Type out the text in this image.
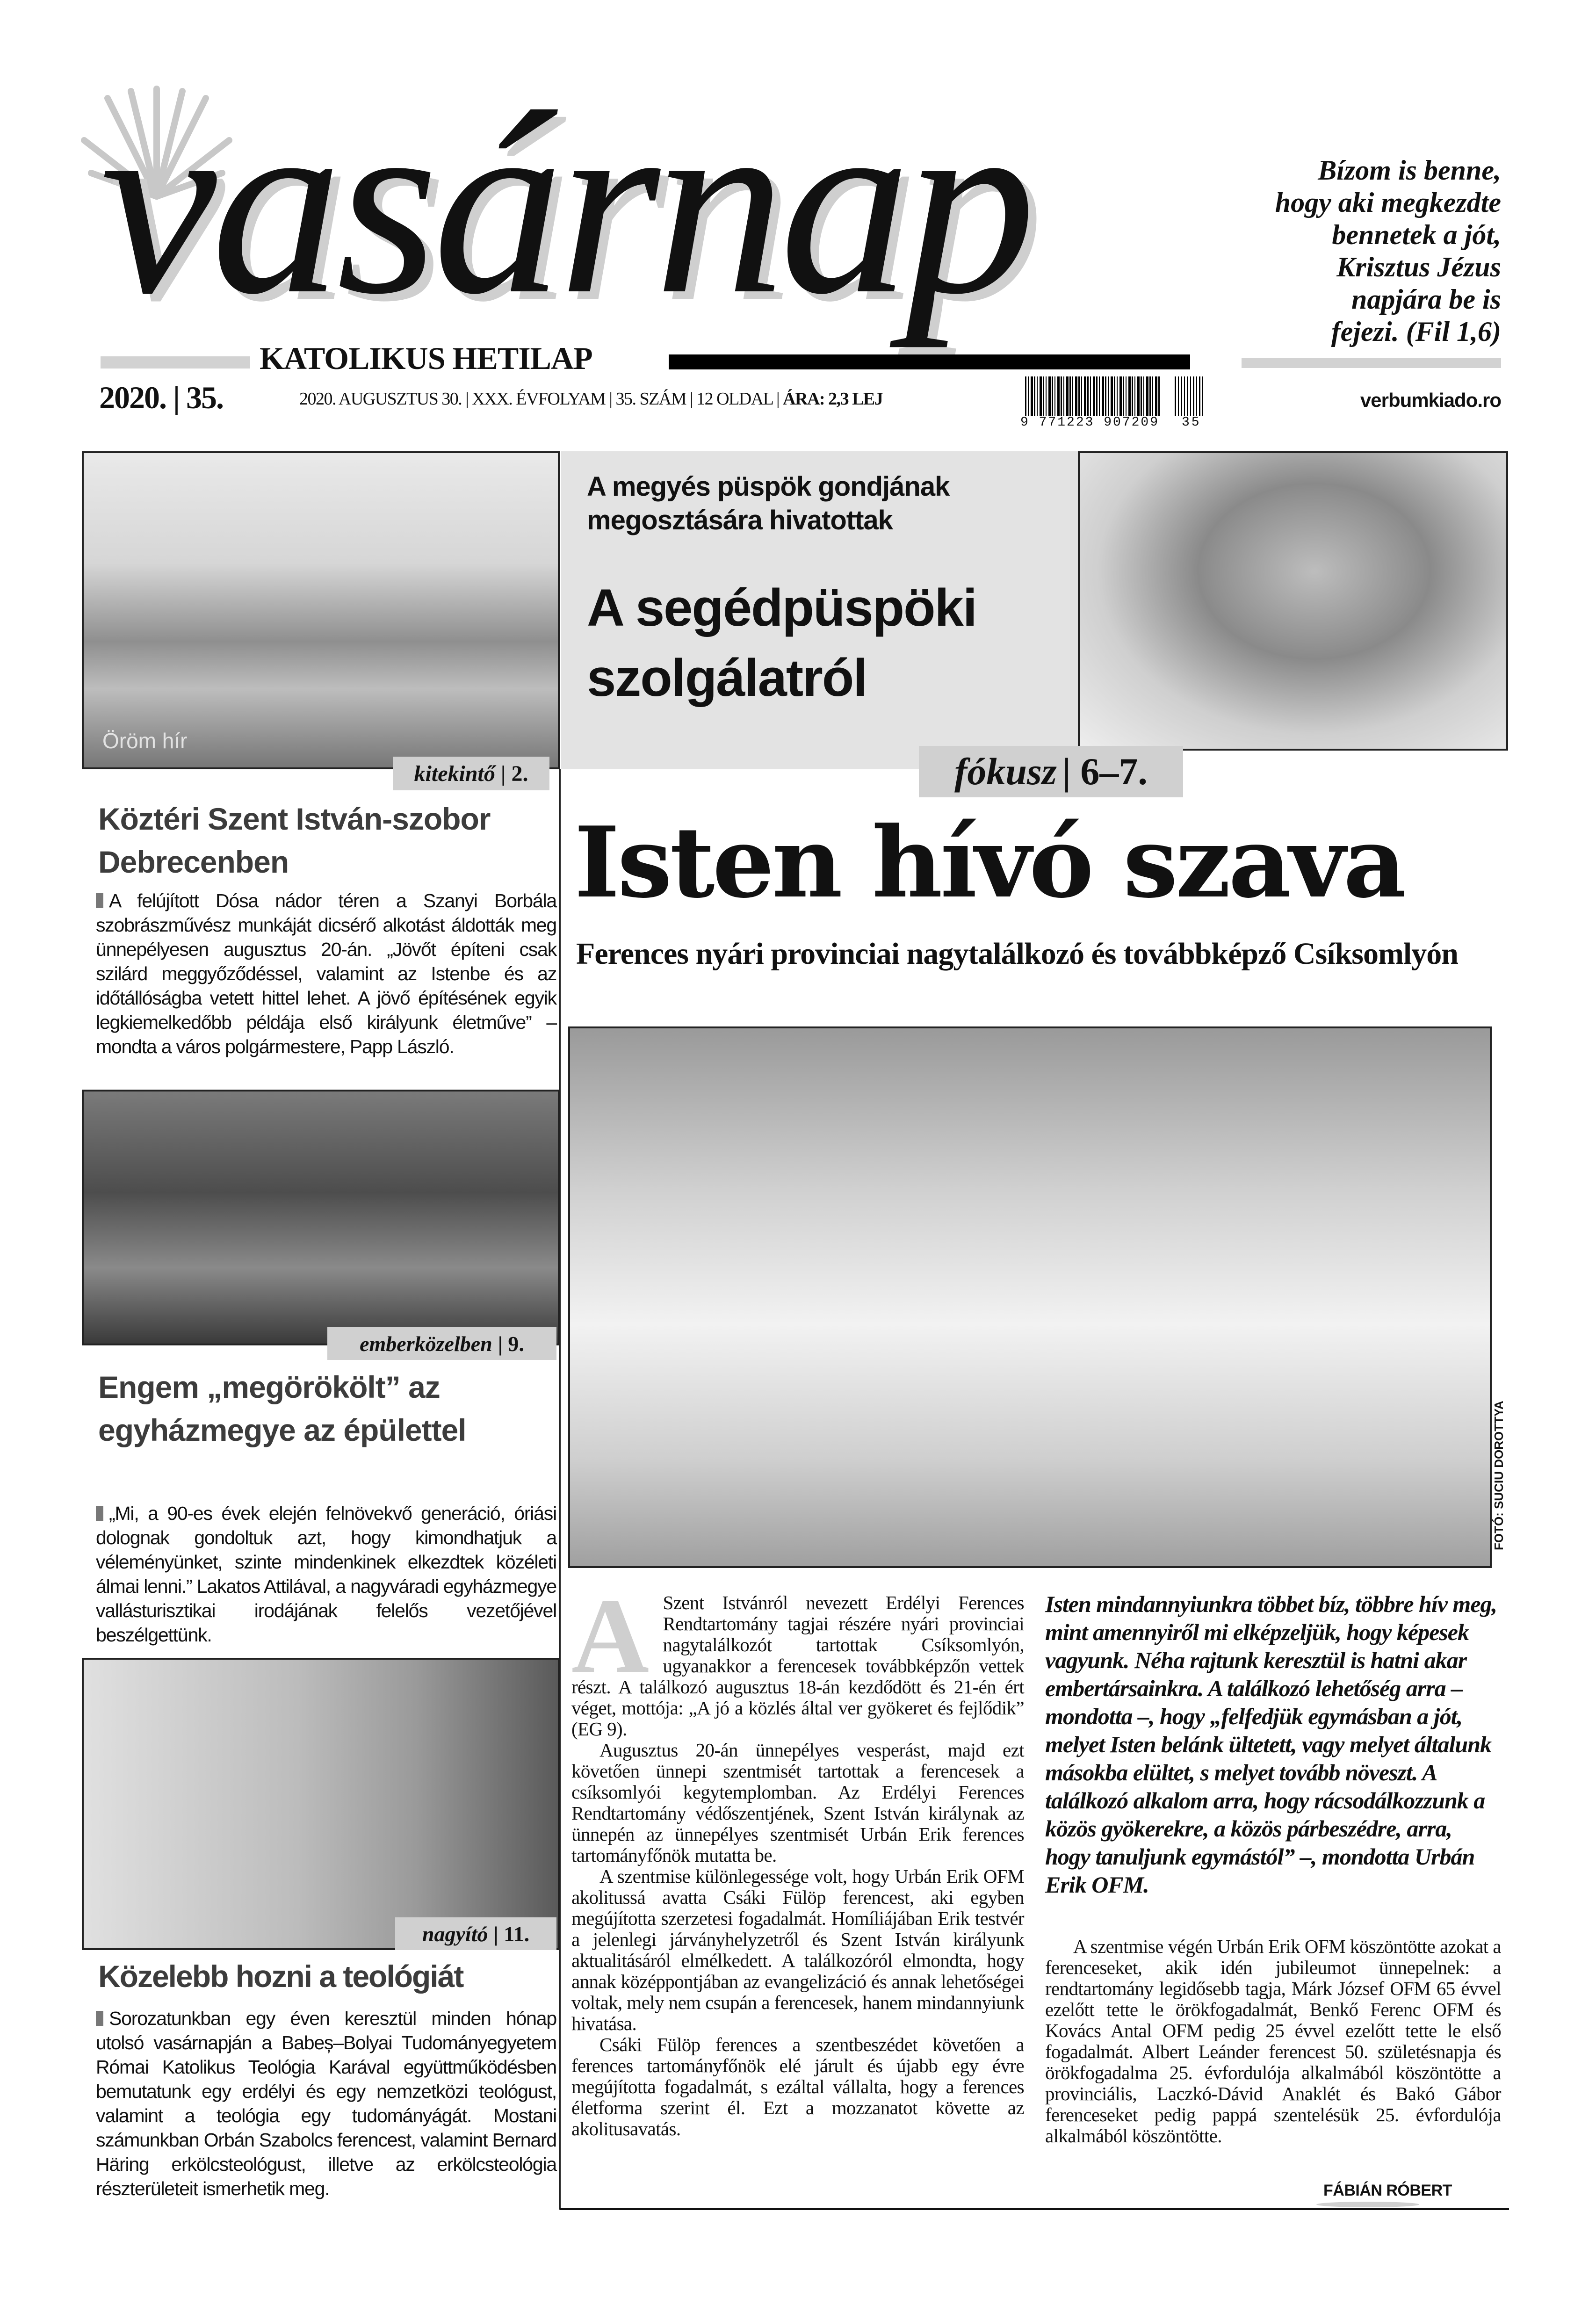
vasárnap
KATOLIKUS HETILAP
Bízom is benne,
hogy aki megkezdte
bennetek a jót,
Krisztus Jézus
napjára be is
fejezi. (Fil 1,6)
2020. | 35.	2020. AUGUSZTUS 30. | XXX. ÉVFOLYAM | 35. SZÁM | 12 OLDAL | ÁRA: 2,3 LEJ
9 771223 907209 35
verbumkiado.ro
Öröm hír
A megyés püspök gondjának megosztására hivatottak
A segédpüspöki szolgálatról
kitekintő | 2.	fókusz | 6–7.
Köztéri Szent István-szobor Debrecenben
A felújított Dósa nádor téren a Szanyi Borbála szobrászművész munkáját dicsérő alkotást áldották meg ünnepélyesen augusztus 20-án. „Jövőt építeni csak szilárd meggyőződéssel, valamint az Istenbe és az időtállóságba vetett hittel lehet. A jövő építésének egyik legkiemelkedőbb példája első királyunk életműve” – mondta a város polgármestere, Papp László.
emberközelben | 9.
Engem „megörökölt” az egyházmegye az épülettel
„Mi, a 90-es évek elején felnövekvő generáció, óriási dolognak gondoltuk azt, hogy kimondhatjuk a véleményünket, szinte mindenkinek elkezdtek közéleti álmai lenni.” Lakatos Attilával, a nagyváradi egyházmegye vallásturisztikai irodájának felelős vezetőjével beszélgettünk.
nagyító | 11.
Közelebb hozni a teológiát
Sorozatunkban egy éven keresztül minden hónap utolsó vasárnapján a Babeș–Bolyai Tudományegyetem Római Katolikus Teológia Karával együttműködésben bemutatunk egy erdélyi és egy nemzetközi teológust, valamint a teológia egy tudományágát. Mostani számunkban Orbán Szabolcs ferencest, valamint Bernard Häring erkölcsteológust, illetve az erkölcsteológia részterületeit ismerhetik meg.
Isten hívó szava
Ferences nyári provinciai nagytalálkozó és továbbképző Csíksomlyón
FOTÓ: SUCIU DOROTTYA

A Szent Istvánról nevezett Erdélyi Ferences Rendtartomány tagjai részére nyári provinciai nagytalálkozót tartottak Csíksomlyón, ugyanakkor a ferencesek továbbképzőn vettek részt. A találkozó augusztus 18-án kezdődött és 21-én ért véget, mottója: „A jó a közlés által ver gyökeret és fejlődik” (EG 9).

Augusztus 20-án ünnepélyes vesperást, majd ezt követően ünnepi szentmisét tartottak a ferencesek a csíksomlyói kegytemplomban. Az Erdélyi Ferences Rendtartomány védőszentjének, Szent István királynak az ünnepén az ünnepélyes szentmisét Urbán Erik ferences tartományfőnök mutatta be.

A szentmise különlegessége volt, hogy Urbán Erik OFM akolitussá avatta Csáki Fülöp ferencest, aki egyben megújította szerzetesi fogadalmát. Homíliájában Erik testvér a jelenlegi járványhelyzetről és Szent István királyunk aktualitásáról elmélkedett. A találkozóról elmondta, hogy annak középpontjában az evangelizáció és annak lehetőségei voltak, mely nem csupán a ferencesek, hanem mindannyiunk hivatása.

Csáki Fülöp ferences a szentbeszédet követően a ferences tartományfőnök elé járult és újabb egy évre megújította fogadalmát, s ezáltal vállalta, hogy a ferences életforma szerint él. Ezt a mozzanatot követte az akolitusavatás.

Isten mindannyiunkra többet bíz, többre hív meg, mint amennyiről mi elképzeljük, hogy képesek vagyunk. Néha rajtunk keresztül is hatni akar embertársainkra. A találkozó lehetőség arra – mondotta –, hogy „felfedjük egymásban a jót, melyet Isten belánk ültetett, vagy melyet általunk másokba elültet, s melyet tovább növeszt. A találkozó alkalom arra, hogy rácsodálkozzunk a közös gyökerekre, a közös párbeszédre, arra, hogy tanuljunk egymástól” –, mondotta Urbán Erik OFM.

A szentmise végén Urbán Erik OFM köszöntötte azokat a ferenceseket, akik idén jubileumot ünnepelnek: a rendtartomány legidősebb tagja, Márk József OFM 65 évvel ezelőtt tette le örökfogadalmát, Benkő Ferenc OFM és Kovács Antal OFM pedig 25 évvel ezelőtt tette le első fogadalmát. Albert Leánder ferencest 50. születésnapja és örökfogadalma 25. évfordulója alkalmából köszöntötte a provinciális, Laczkó-Dávid Anaklét és Bakó Gábor ferenceseket pedig pappá szentelésük 25. évfordulója alkalmából köszöntötte.

FÁBIÁN RÓBERT
